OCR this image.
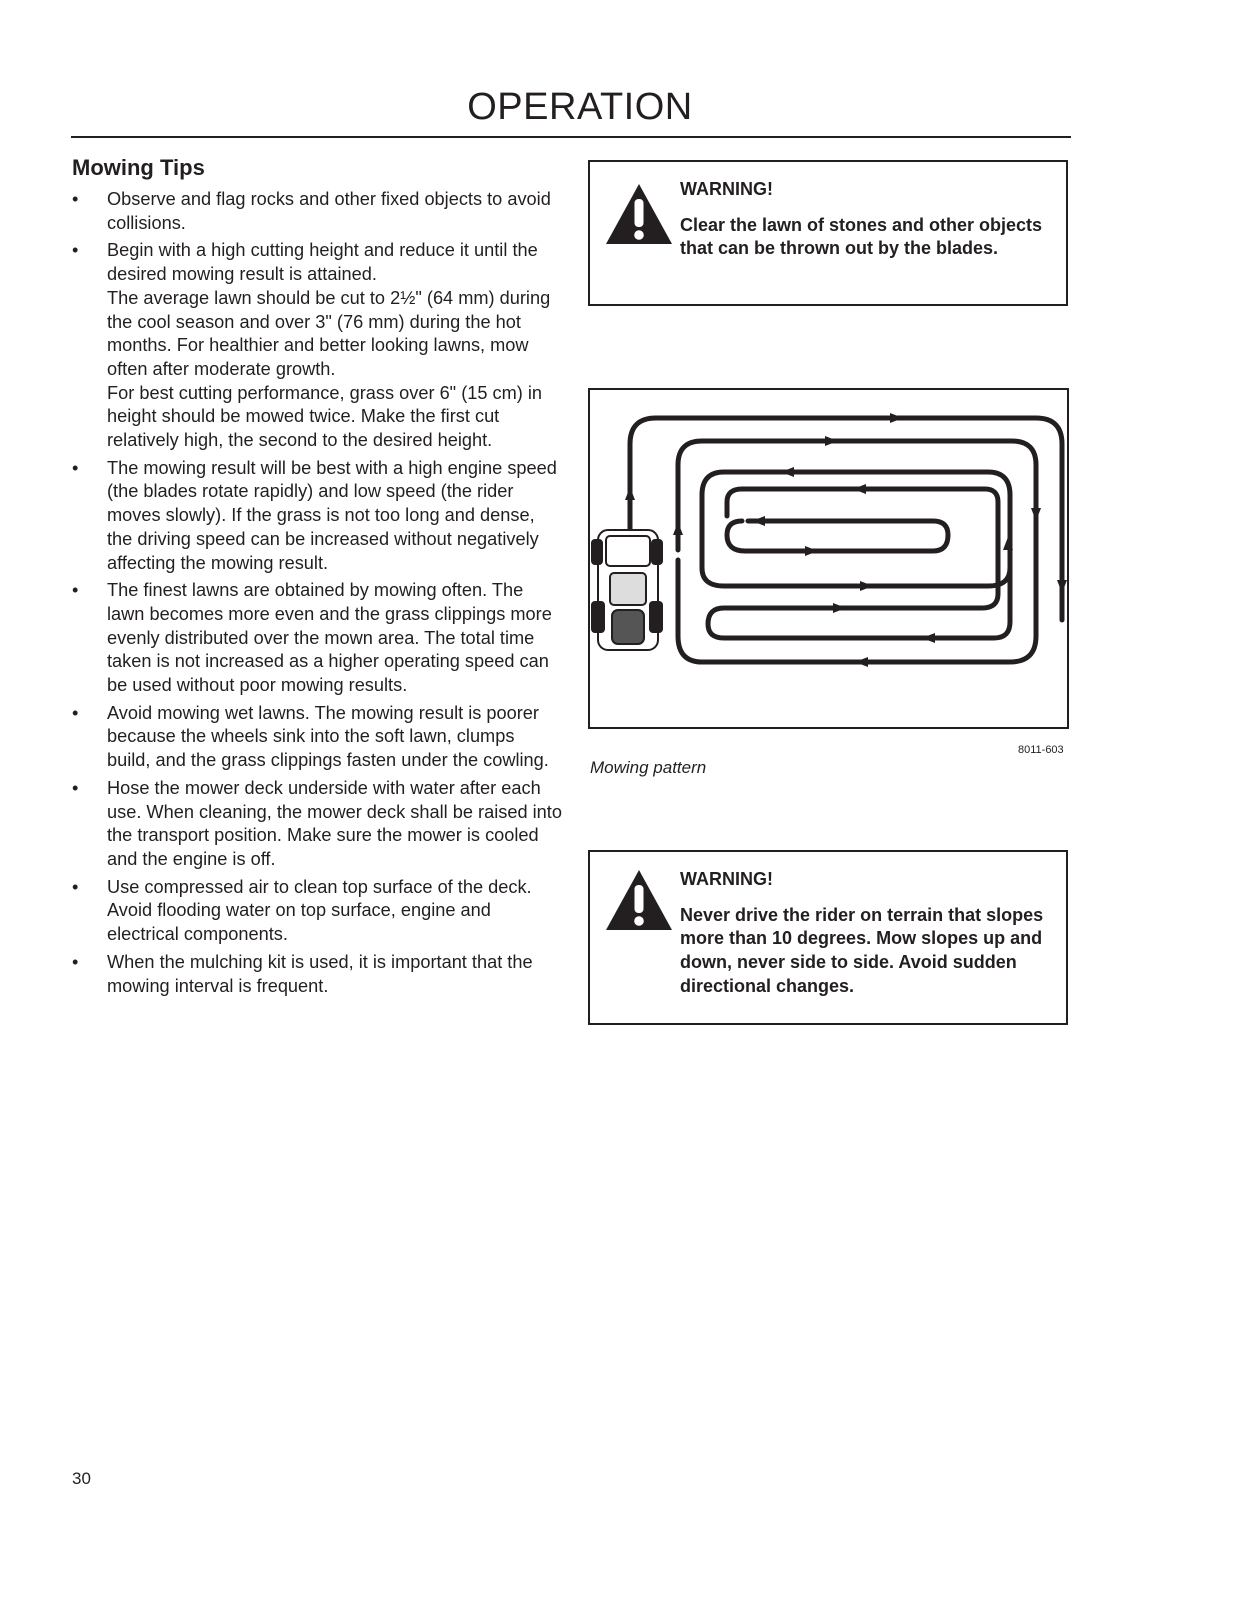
OPERATION
Mowing Tips
• Observe and flag rocks and other fixed objects to avoid collisions.
• Begin with a high cutting height and reduce it until the desired mowing result is attained.
The average lawn should be cut to 2½" (64 mm) during the cool season and over 3" (76 mm) during the hot months. For healthier and better looking lawns, mow often after moderate growth.
For best cutting performance, grass over 6" (15 cm) in height should be mowed twice. Make the first cut relatively high, the second to the desired height.
• The mowing result will be best with a high engine speed (the blades rotate rapidly) and low speed (the rider moves slowly). If the grass is not too long and dense, the driving speed can be increased without negatively affecting the mowing result.
• The finest lawns are obtained by mowing often. The lawn becomes more even and the grass clippings more evenly distributed over the mown area. The total time taken is not increased as a higher operating speed can be used without poor mowing results.
• Avoid mowing wet lawns. The mowing result is poorer because the wheels sink into the soft lawn, clumps build, and the grass clippings fasten under the cowling.
• Hose the mower deck underside with water after each use. When cleaning, the mower deck shall be raised into the transport position. Make sure the mower is cooled and the engine is off.
• Use compressed air to clean top surface of the deck. Avoid flooding water on top surface, engine and electrical components.
• When the mulching kit is used, it is important that the mowing interval is frequent.
WARNING!
Clear the lawn of stones and other objects that can be thrown out by the blades.
8011-603
Mowing pattern
WARNING!
Never drive the rider on terrain that slopes more than 10 degrees. Mow slopes up and down, never side to side. Avoid sudden directional changes.
30
